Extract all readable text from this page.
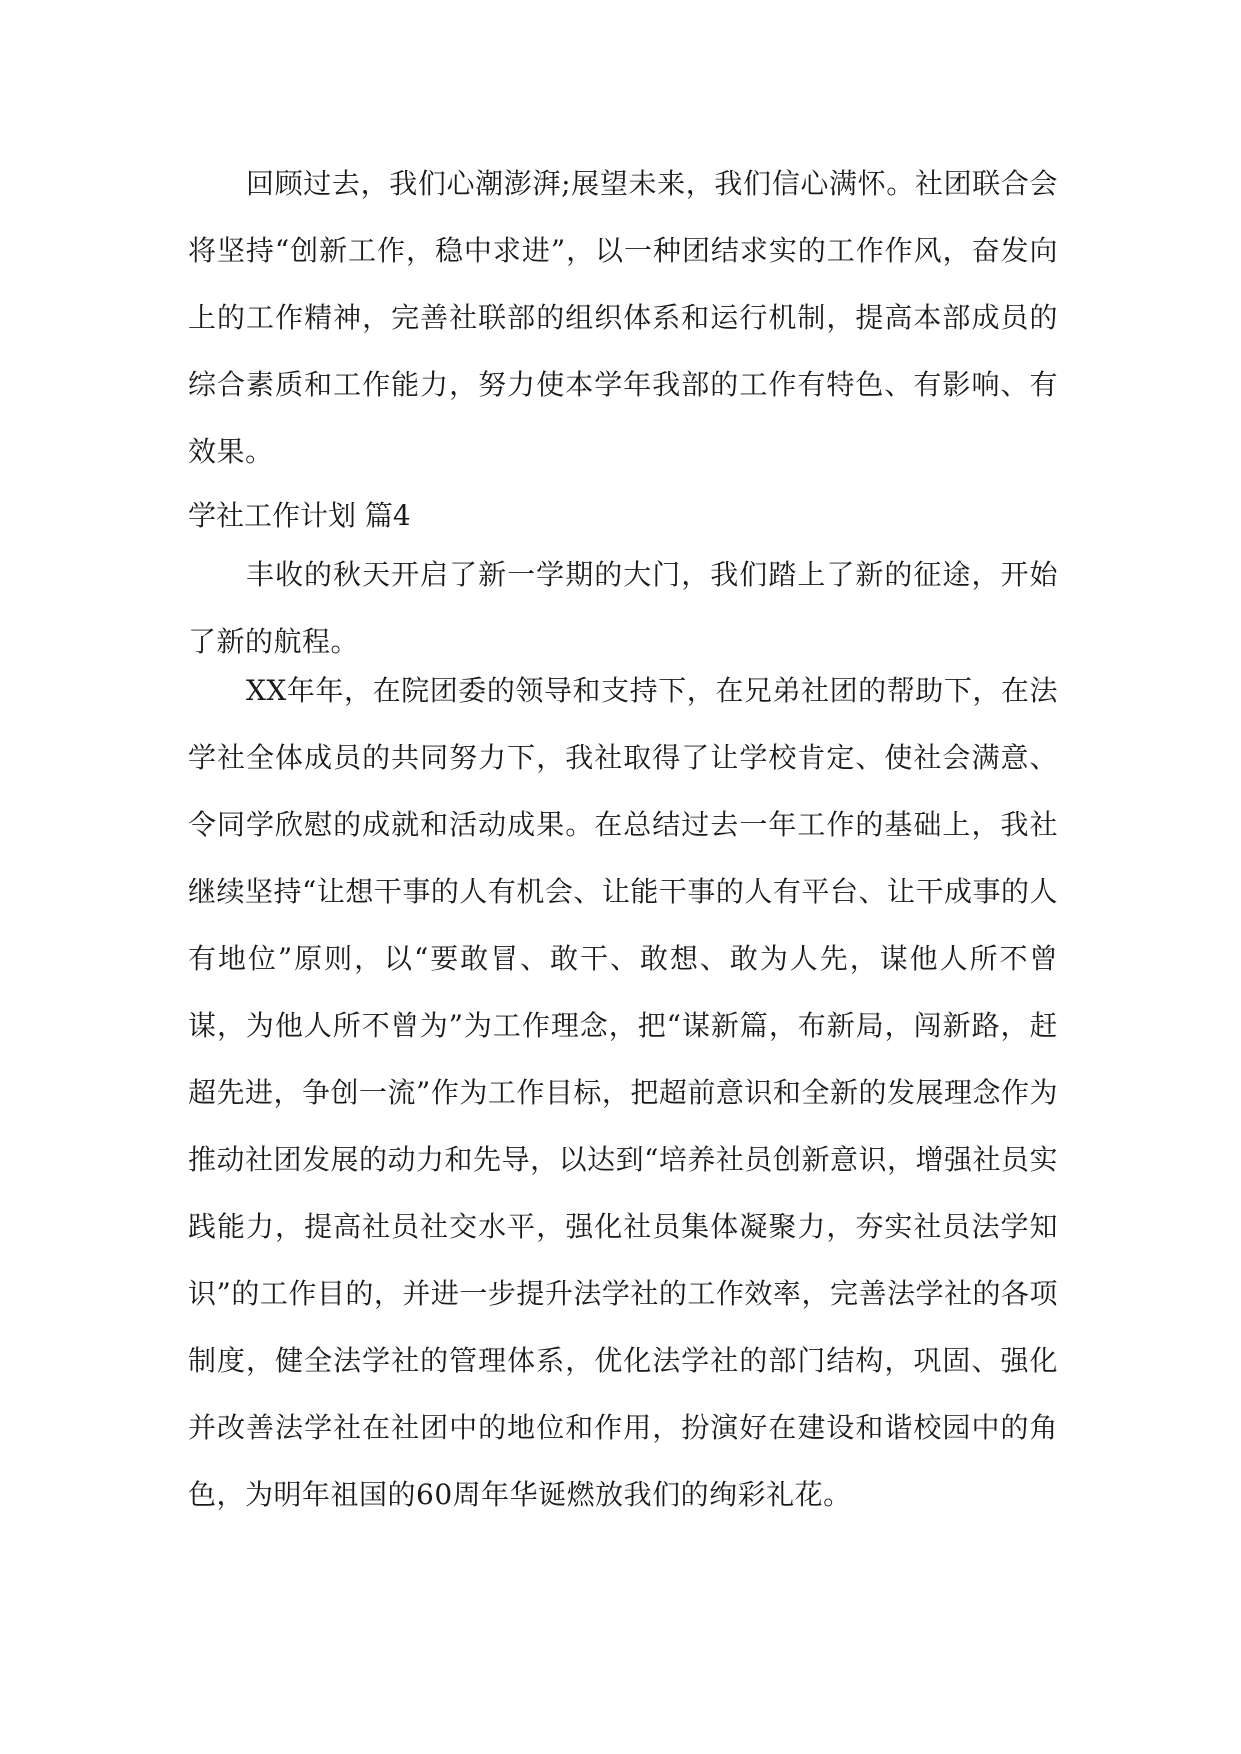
回顾过去，我们心潮澎湃;展望未来，我们信心满怀。社团联合会将坚持“创新工作，稳中求进”，以一种团结求实的工作作风，奋发向上的工作精神，完善社联部的组织体系和运行机制，提高本部成员的综合素质和工作能力，努力使本学年我部的工作有特色、有影响、有效果。

学社工作计划 篇4

丰收的秋天开启了新一学期的大门，我们踏上了新的征途，开始了新的航程。

XX年年，在院团委的领导和支持下，在兄弟社团的帮助下，在法学社全体成员的共同努力下，我社取得了让学校肯定、使社会满意、令同学欣慰的成就和活动成果。在总结过去一年工作的基础上，我社继续坚持“让想干事的人有机会、让能干事的人有平台、让干成事的人有地位”原则，以“要敢冒、敢干、敢想、敢为人先，谋他人所不曾谋，为他人所不曾为”为工作理念，把“谋新篇，布新局，闯新路，赶超先进，争创一流”作为工作目标，把超前意识和全新的发展理念作为推动社团发展的动力和先导，以达到“培养社员创新意识，增强社员实践能力，提高社员社交水平，强化社员集体凝聚力，夯实社员法学知识”的工作目的，并进一步提升法学社的工作效率，完善法学社的各项制度，健全法学社的管理体系，优化法学社的部门结构，巩固、强化并改善法学社在社团中的地位和作用，扮演好在建设和谐校园中的角色，为明年祖国的60周年华诞燃放我们的绚彩礼花。
